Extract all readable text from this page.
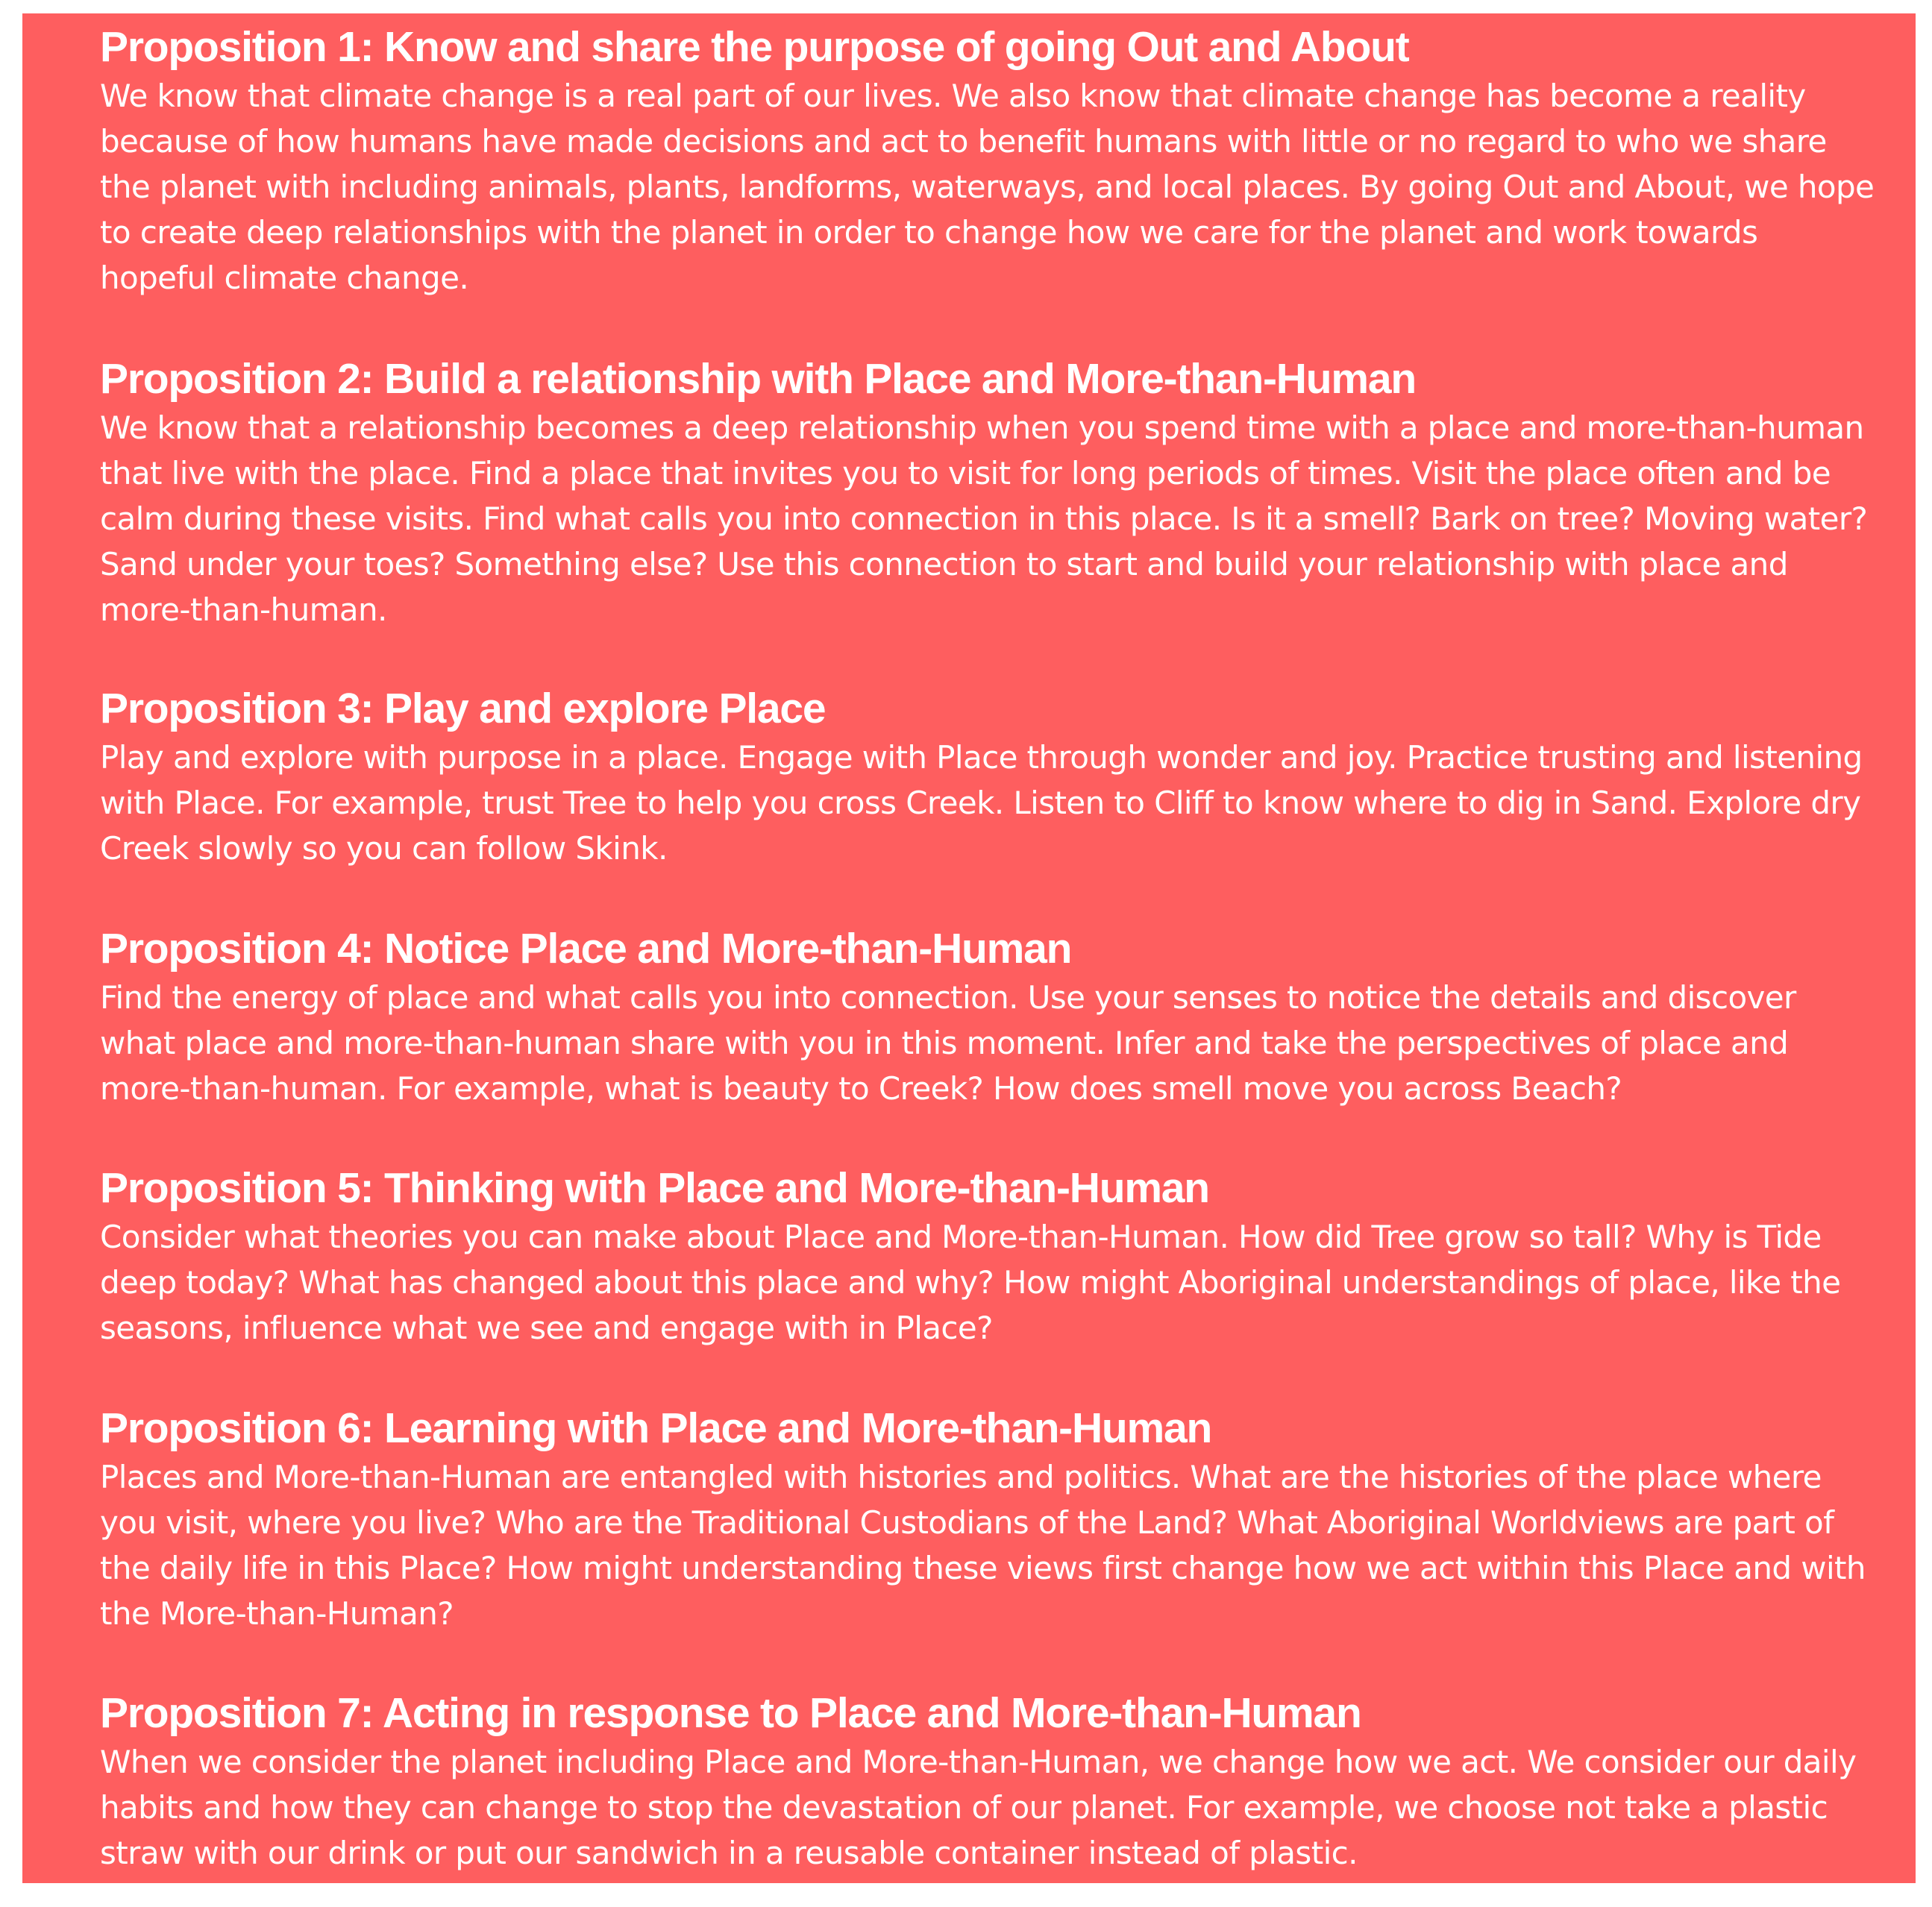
Proposition 1: Know and share the purpose of going Out and About

We know that climate change is a real part of our lives. We also know that climate change has become a reality because of how humans have made decisions and act to benefit humans with little or no regard to who we share the planet with including animals, plants, landforms, waterways, and local places. By going Out and About, we hope to create deep relationships with the planet in order to change how we care for the planet and work towards hopeful climate change.

Proposition 2: Build a relationship with Place and More-than-Human

We know that a relationship becomes a deep relationship when you spend time with a place and more-than-human that live with the place. Find a place that invites you to visit for long periods of times. Visit the place often and be calm during these visits. Find what calls you into connection in this place. Is it a smell? Bark on tree? Moving water? Sand under your toes? Something else? Use this connection to start and build your relationship with place and more-than-human.

Proposition 3: Play and explore Place

Play and explore with purpose in a place. Engage with Place through wonder and joy. Practice trusting and listening with Place. For example, trust Tree to help you cross Creek. Listen to Cliff to know where to dig in Sand. Explore dry Creek slowly so you can follow Skink.

Proposition 4: Notice Place and More-than-Human

Find the energy of place and what calls you into connection. Use your senses to notice the details and discover what place and more-than-human share with you in this moment. Infer and take the perspectives of place and more-than-human. For example, what is beauty to Creek? How does smell move you across Beach?

Proposition 5: Thinking with Place and More-than-Human

Consider what theories you can make about Place and More-than-Human. How did Tree grow so tall? Why is Tide deep today? What has changed about this place and why? How might Aboriginal understandings of place, like the seasons, influence what we see and engage with in Place?

Proposition 6: Learning with Place and More-than-Human

Places and More-than-Human are entangled with histories and politics. What are the histories of the place where you visit, where you live? Who are the Traditional Custodians of the Land? What Aboriginal Worldviews are part of the daily life in this Place? How might understanding these views first change how we act within this Place and with the More-than-Human?

Proposition 7: Acting in response to Place and More-than-Human

When we consider the planet including Place and More-than-Human, we change how we act. We consider our daily habits and how they can change to stop the devastation of our planet. For example, we choose not take a plastic straw with our drink or put our sandwich in a reusable container instead of plastic.
